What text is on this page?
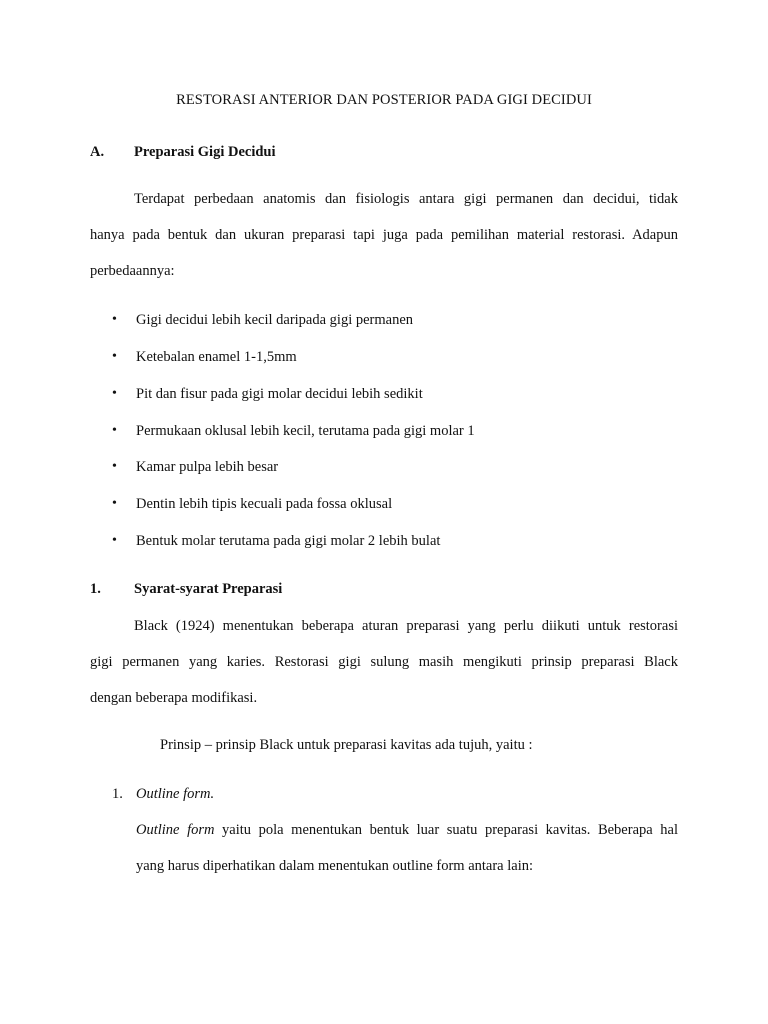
RESTORASI ANTERIOR DAN POSTERIOR PADA GIGI DECIDUI
A. Preparasi Gigi Decidui
Terdapat perbedaan anatomis dan fisiologis antara gigi permanen dan decidui, tidak
hanya pada bentuk dan ukuran preparasi tapi juga pada pemilihan material restorasi. Adapun
perbedaannya:
• Gigi decidui lebih kecil daripada gigi permanen
• Ketebalan enamel 1-1,5mm
• Pit dan fisur pada gigi molar decidui lebih sedikit
• Permukaan oklusal lebih kecil, terutama pada gigi molar 1
• Kamar pulpa lebih besar
• Dentin lebih tipis kecuali pada fossa oklusal
• Bentuk molar terutama pada gigi molar 2 lebih bulat
1. Syarat-syarat Preparasi
Black (1924) menentukan beberapa aturan preparasi yang perlu diikuti untuk restorasi
gigi permanen yang karies. Restorasi gigi sulung masih mengikuti prinsip preparasi Black
dengan beberapa modifikasi.
Prinsip – prinsip Black untuk preparasi kavitas ada tujuh, yaitu :
1. Outline form.
Outline form yaitu pola menentukan bentuk luar suatu preparasi kavitas. Beberapa hal
yang harus diperhatikan dalam menentukan outline form antara lain:
